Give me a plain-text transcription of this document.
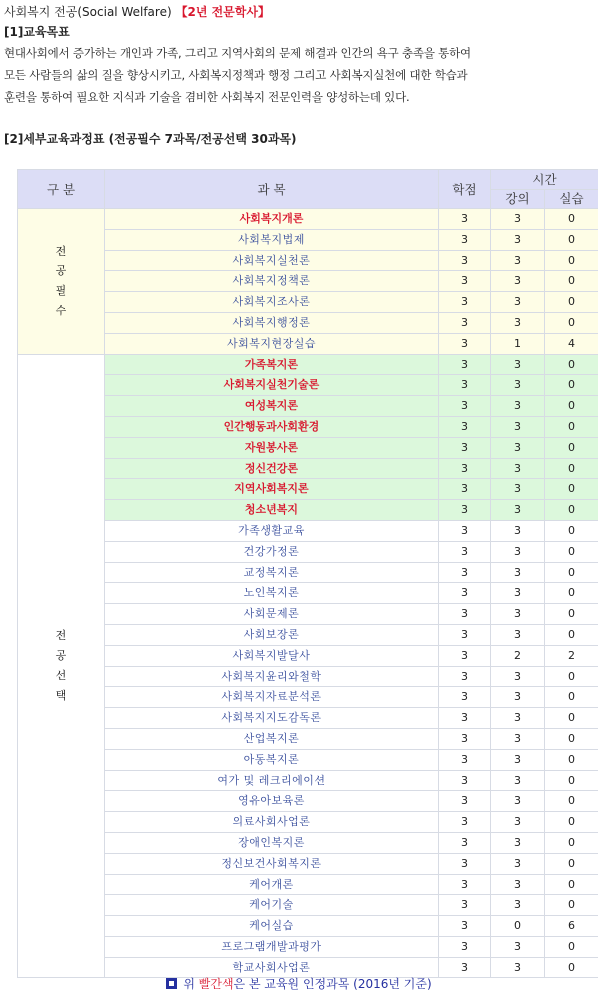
사회복지 전공(Social Welfare) 【2년 전문학사】
[1]교육목표
현대사회에서 증가하는 개인과 가족, 그리고 지역사회의 문제 해결과 인간의 욕구 충족을 통하여
모든 사람들의 삶의 질을 향상시키고, 사회복지정책과 행정 그리고 사회복지실천에 대한 학습과
훈련을 통하여 필요한 지식과 기술을 겸비한 사회복지 전문인력을 양성하는데 있다.
[2]세부교육과정표 (전공필수 7과목/전공선택 30과목)
구 분	과 목	학점	시간	
			강의	실습

전
공
필
수	사회복지개론	3	3	0
	사회복지법제	3	3	0
	사회복지실천론	3	3	0
	사회복지정책론	3	3	0
	사회복지조사론	3	3	0
	사회복지행정론	3	3	0
	사회복지현장실습	3	1	4

전
공
선
택	가족복지론	3	3	0
	사회복지실천기술론	3	3	0
	여성복지론	3	3	0
	인간행동과사회환경	3	3	0
	자원봉사론	3	3	0
	정신건강론	3	3	0
	지역사회복지론	3	3	0
	청소년복지	3	3	0
	가족생활교육	3	3	0
	건강가정론	3	3	0
	교정복지론	3	3	0
	노인복지론	3	3	0
	사회문제론	3	3	0
	사회보장론	3	3	0
	사회복지발달사	3	2	2
	사회복지윤리와철학	3	3	0
	사회복지자료분석론	3	3	0
	사회복지지도감독론	3	3	0
	산업복지론	3	3	0
	아동복지론	3	3	0
	여가 및 레크리에이션	3	3	0
	영유아보육론	3	3	0
	의료사회사업론	3	3	0
	장애인복지론	3	3	0
	정신보건사회복지론	3	3	0
	케어개론	3	3	0
	케어기술	3	3	0
	케어실습	3	0	6
	프로그램개발과평가	3	3	0
	학교사회사업론	3	3	0
위 빨간색은 본 교육원 인정과목 (2016년 기준)
